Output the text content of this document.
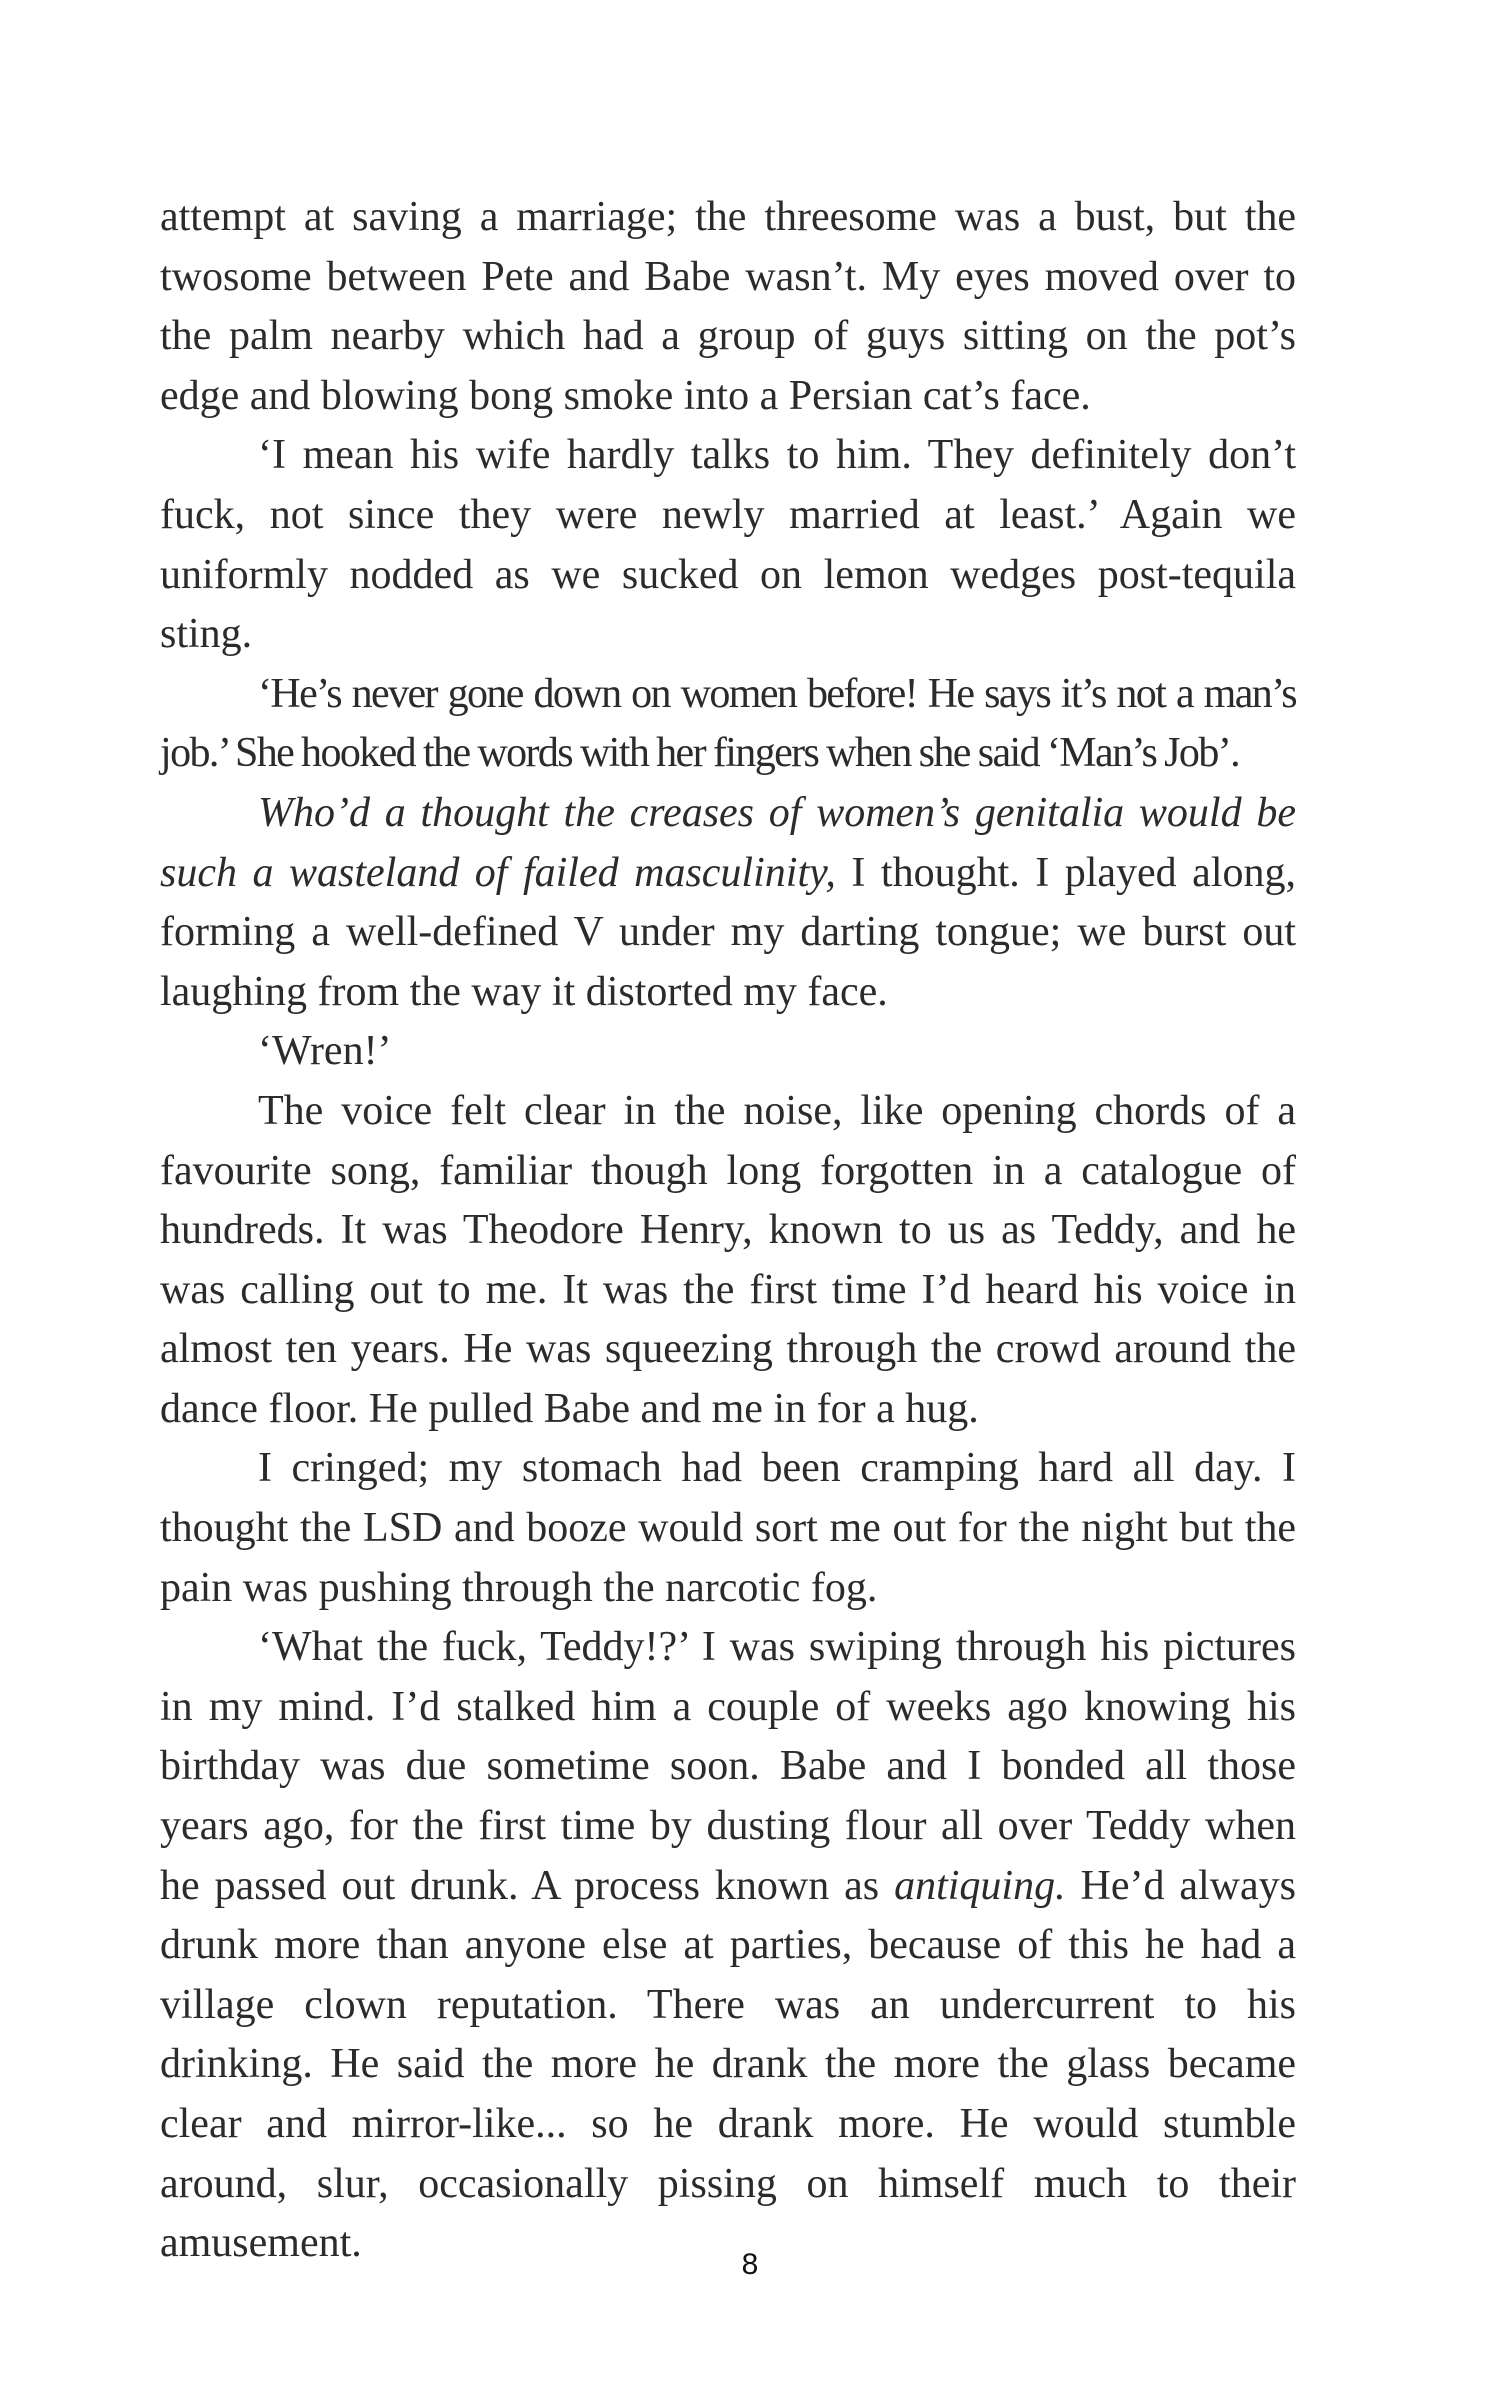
attempt at saving a marriage; the threesome was a bust, but the twosome between Pete and Babe wasn’t. My eyes moved over to the palm nearby which had a group of guys sitting on the pot’s edge and blowing bong smoke into a Persian cat’s face.

‘I mean his wife hardly talks to him. They definitely don’t fuck, not since they were newly married at least.’ Again we uniformly nodded as we sucked on lemon wedges post-tequila sting.

‘He’s never gone down on women before! He says it’s not a man’s job.’ She hooked the words with her fingers when she said ‘Man’s Job’.

Who’d a thought the creases of women’s genitalia would be such a wasteland of failed masculinity, I thought. I played along, forming a well-defined V under my darting tongue; we burst out laughing from the way it distorted my face.

‘Wren!’

The voice felt clear in the noise, like opening chords of a favourite song, familiar though long forgotten in a catalogue of hundreds. It was Theodore Henry, known to us as Teddy, and he was calling out to me. It was the first time I’d heard his voice in almost ten years. He was squeezing through the crowd around the dance floor. He pulled Babe and me in for a hug.

I cringed; my stomach had been cramping hard all day. I thought the LSD and booze would sort me out for the night but the pain was pushing through the narcotic fog.

‘What the fuck, Teddy!?’ I was swiping through his pictures in my mind. I’d stalked him a couple of weeks ago knowing his birthday was due sometime soon. Babe and I bonded all those years ago, for the first time by dusting flour all over Teddy when he passed out drunk. A process known as antiquing. He’d always drunk more than anyone else at parties, because of this he had a village clown reputation. There was an undercurrent to his drinking. He said the more he drank the more the glass became clear and mirror-like... so he drank more. He would stumble around, slur, occasionally pissing on himself much to their amusement.	8
